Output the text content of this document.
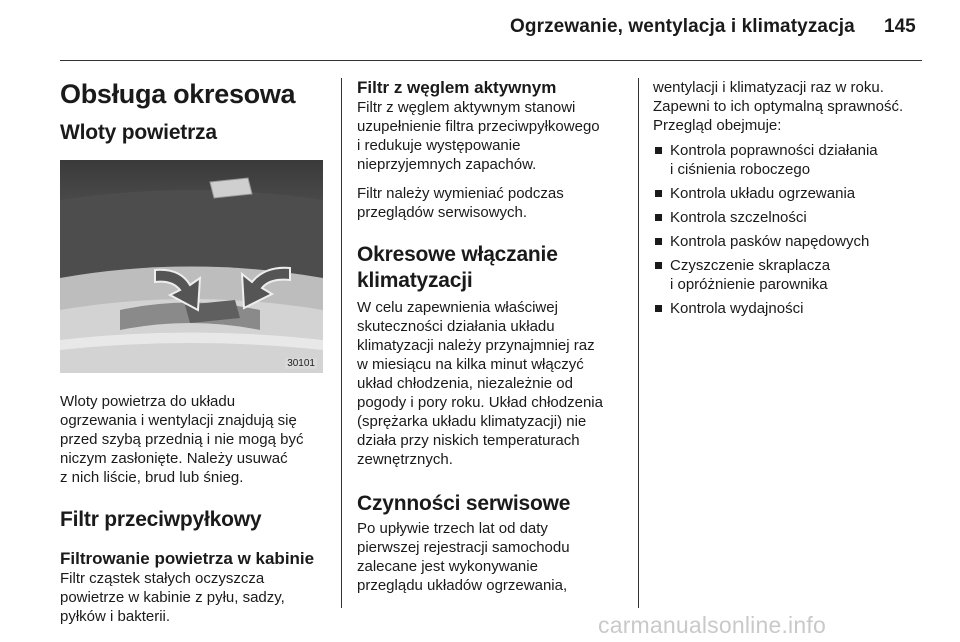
Ogrzewanie, wentylacja i klimatyzacja 145
Obsługa okresowa
Wloty powietrza
30101

Wloty powietrza do układu
ogrzewania i wentylacji znajdują się
przed szybą przednią i nie mogą być
niczym zasłonięte. Należy usuwać
z nich liście, brud lub śnieg.

Filtr przeciwpyłkowy
Filtrowanie powietrza w kabinie

Filtr cząstek stałych oczyszcza
powietrze w kabinie z pyłu, sadzy,
pyłków i bakterii.

Filtr z węglem aktywnym

Filtr z węglem aktywnym stanowi
uzupełnienie filtra przeciwpyłkowego
i redukuje występowanie
nieprzyjemnych zapachów.

Filtr należy wymieniać podczas
przeglądów serwisowych.

Okresowe włączanie
klimatyzacji

W celu zapewnienia właściwej
skuteczności działania układu
klimatyzacji należy przynajmniej raz
w miesiącu na kilka minut włączyć
układ chłodzenia, niezależnie od
pogody i pory roku. Układ chłodzenia
(sprężarka układu klimatyzacji) nie
działa przy niskich temperaturach
zewnętrznych.

Czynności serwisowe

Po upływie trzech lat od daty
pierwszej rejestracji samochodu
zalecane jest wykonywanie
przeglądu układów ogrzewania,

wentylacji i klimatyzacji raz w roku.
Zapewni to ich optymalną sprawność.
Przegląd obejmuje:

Kontrola poprawności działania
i ciśnienia roboczego
Kontrola układu ogrzewania
Kontrola szczelności
Kontrola pasków napędowych
Czyszczenie skraplacza
i opróżnienie parownika
Kontrola wydajności
carmanualsonline.info
